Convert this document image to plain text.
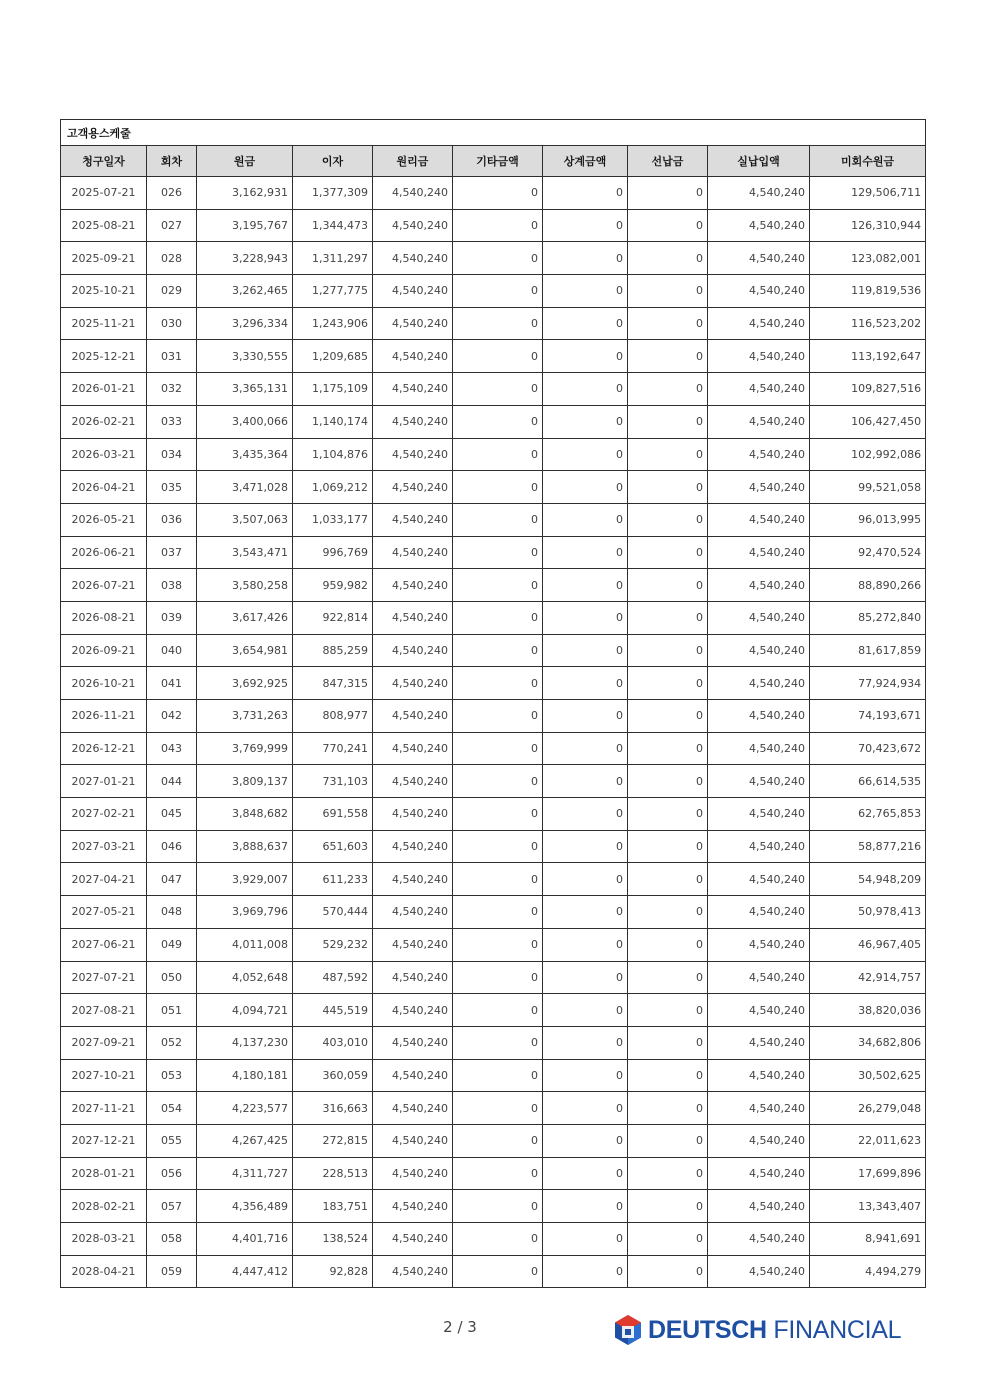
고객용스케줄									
청구일자	회차	원금	이자	원리금	기타금액	상계금액	선납금	실납입액	미회수원금
2025-07-21	026	3,162,931	1,377,309	4,540,240	0	0	0	4,540,240	129,506,711
2025-08-21	027	3,195,767	1,344,473	4,540,240	0	0	0	4,540,240	126,310,944
2025-09-21	028	3,228,943	1,311,297	4,540,240	0	0	0	4,540,240	123,082,001
2025-10-21	029	3,262,465	1,277,775	4,540,240	0	0	0	4,540,240	119,819,536
2025-11-21	030	3,296,334	1,243,906	4,540,240	0	0	0	4,540,240	116,523,202
2025-12-21	031	3,330,555	1,209,685	4,540,240	0	0	0	4,540,240	113,192,647
2026-01-21	032	3,365,131	1,175,109	4,540,240	0	0	0	4,540,240	109,827,516
2026-02-21	033	3,400,066	1,140,174	4,540,240	0	0	0	4,540,240	106,427,450
2026-03-21	034	3,435,364	1,104,876	4,540,240	0	0	0	4,540,240	102,992,086
2026-04-21	035	3,471,028	1,069,212	4,540,240	0	0	0	4,540,240	99,521,058
2026-05-21	036	3,507,063	1,033,177	4,540,240	0	0	0	4,540,240	96,013,995
2026-06-21	037	3,543,471	996,769	4,540,240	0	0	0	4,540,240	92,470,524
2026-07-21	038	3,580,258	959,982	4,540,240	0	0	0	4,540,240	88,890,266
2026-08-21	039	3,617,426	922,814	4,540,240	0	0	0	4,540,240	85,272,840
2026-09-21	040	3,654,981	885,259	4,540,240	0	0	0	4,540,240	81,617,859
2026-10-21	041	3,692,925	847,315	4,540,240	0	0	0	4,540,240	77,924,934
2026-11-21	042	3,731,263	808,977	4,540,240	0	0	0	4,540,240	74,193,671
2026-12-21	043	3,769,999	770,241	4,540,240	0	0	0	4,540,240	70,423,672
2027-01-21	044	3,809,137	731,103	4,540,240	0	0	0	4,540,240	66,614,535
2027-02-21	045	3,848,682	691,558	4,540,240	0	0	0	4,540,240	62,765,853
2027-03-21	046	3,888,637	651,603	4,540,240	0	0	0	4,540,240	58,877,216
2027-04-21	047	3,929,007	611,233	4,540,240	0	0	0	4,540,240	54,948,209
2027-05-21	048	3,969,796	570,444	4,540,240	0	0	0	4,540,240	50,978,413
2027-06-21	049	4,011,008	529,232	4,540,240	0	0	0	4,540,240	46,967,405
2027-07-21	050	4,052,648	487,592	4,540,240	0	0	0	4,540,240	42,914,757
2027-08-21	051	4,094,721	445,519	4,540,240	0	0	0	4,540,240	38,820,036
2027-09-21	052	4,137,230	403,010	4,540,240	0	0	0	4,540,240	34,682,806
2027-10-21	053	4,180,181	360,059	4,540,240	0	0	0	4,540,240	30,502,625
2027-11-21	054	4,223,577	316,663	4,540,240	0	0	0	4,540,240	26,279,048
2027-12-21	055	4,267,425	272,815	4,540,240	0	0	0	4,540,240	22,011,623
2028-01-21	056	4,311,727	228,513	4,540,240	0	0	0	4,540,240	17,699,896
2028-02-21	057	4,356,489	183,751	4,540,240	0	0	0	4,540,240	13,343,407
2028-03-21	058	4,401,716	138,524	4,540,240	0	0	0	4,540,240	8,941,691
2028-04-21	059	4,447,412	92,828	4,540,240	0	0	0	4,540,240	4,494,279
2 / 3	DEUTSCH FINANCIAL
